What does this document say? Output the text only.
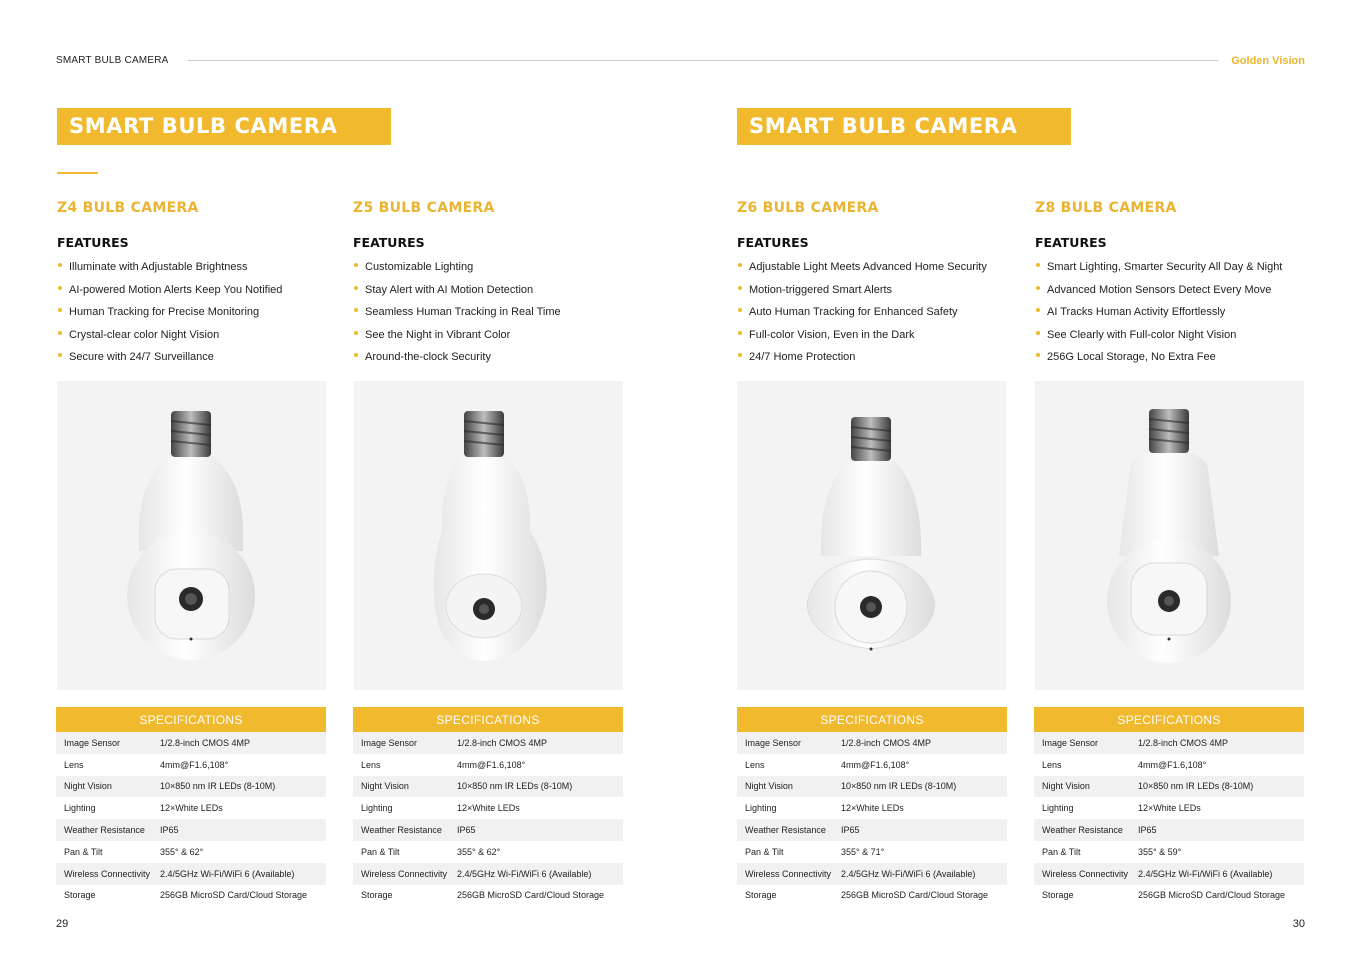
SMART BULB CAMERA	Golden Vision
SMART BULB CAMERA	SMART BULB CAMERA
Z4 BULB CAMERA
FEATURES
Illuminate with Adjustable Brightness
AI-powered Motion Alerts Keep You Notified
Human Tracking for Precise Monitoring
Crystal-clear color Night Vision
Secure with 24/7 Surveillance
SPECIFICATIONS
Image Sensor	1/2.8-inch CMOS 4MP
Lens	4mm@F1.6,108°
Night Vision	10×850 nm IR LEDs (8-10M)
Lighting	12×White LEDs
Weather Resistance	IP65
Pan & Tilt	355° & 62°
Wireless Connectivity	2.4/5GHz Wi-Fi/WiFi 6 (Available)
Storage	256GB MicroSD Card/Cloud Storage
Z5 BULB CAMERA
FEATURES
Customizable Lighting
Stay Alert with AI Motion Detection
Seamless Human Tracking in Real Time
See the Night in Vibrant Color
Around-the-clock Security
SPECIFICATIONS
Image Sensor	1/2.8-inch CMOS 4MP
Lens	4mm@F1.6,108°
Night Vision	10×850 nm IR LEDs (8-10M)
Lighting	12×White LEDs
Weather Resistance	IP65
Pan & Tilt	355° & 62°
Wireless Connectivity	2.4/5GHz Wi-Fi/WiFi 6 (Available)
Storage	256GB MicroSD Card/Cloud Storage
Z6 BULB CAMERA
FEATURES
Adjustable Light Meets Advanced Home Security
Motion-triggered Smart Alerts
Auto Human Tracking for Enhanced Safety
Full-color Vision, Even in the Dark
24/7 Home Protection
SPECIFICATIONS
Image Sensor	1/2.8-inch CMOS 4MP
Lens	4mm@F1.6,108°
Night Vision	10×850 nm IR LEDs (8-10M)
Lighting	12×White LEDs
Weather Resistance	IP65
Pan & Tilt	355° & 71°
Wireless Connectivity	2.4/5GHz Wi-Fi/WiFi 6 (Available)
Storage	256GB MicroSD Card/Cloud Storage
Z8 BULB CAMERA
FEATURES
Smart Lighting, Smarter Security All Day & Night
Advanced Motion Sensors Detect Every Move
AI Tracks Human Activity Effortlessly
See Clearly with Full-color Night Vision
256G Local Storage, No Extra Fee
SPECIFICATIONS
Image Sensor	1/2.8-inch CMOS 4MP
Lens	4mm@F1.6,108°
Night Vision	10×850 nm IR LEDs (8-10M)
Lighting	12×White LEDs
Weather Resistance	IP65
Pan & Tilt	355° & 59°
Wireless Connectivity	2.4/5GHz Wi-Fi/WiFi 6 (Available)
Storage	256GB MicroSD Card/Cloud Storage
29	30
